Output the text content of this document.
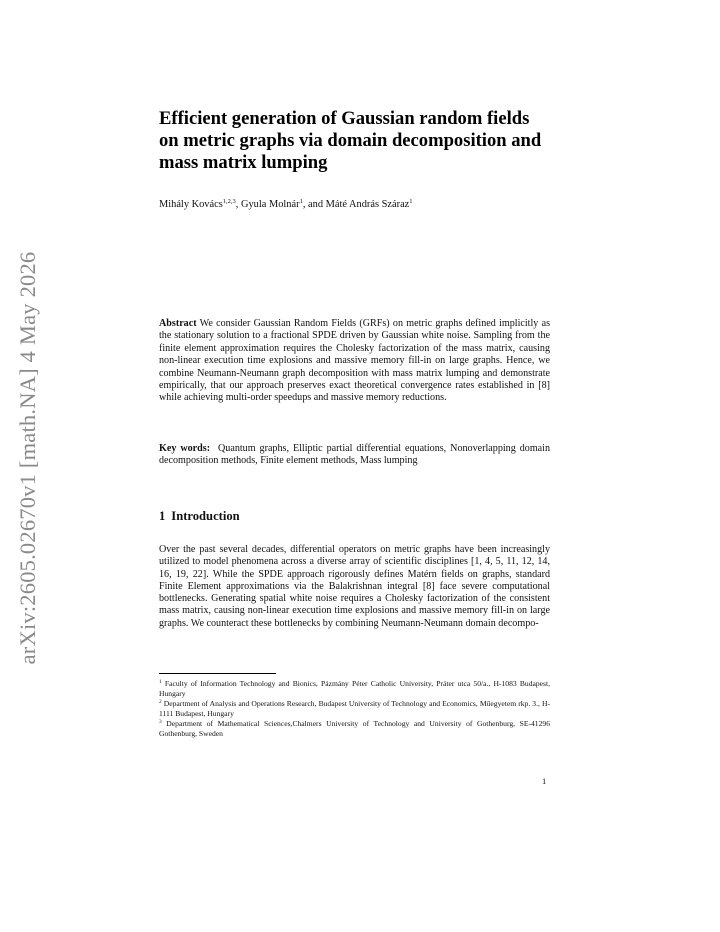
arXiv:2605.02670v1 [math.NA] 4 May 2026
Efficient generation of Gaussian random fields on metric graphs via domain decomposition and mass matrix lumping
Mihály Kovács$^{1,2,3}$, Gyula Molnár$^1$, and Máté András Száraz$^1$

Abstract We consider Gaussian Random Fields (GRFs) on metric graphs defined implicitly as the stationary solution to a fractional SPDE driven by Gaussian white noise. Sampling from the finite element approximation requires the Cholesky factorization of the mass matrix, causing non-linear execution time explosions and massive memory fill-in on large graphs. Hence, we combine Neumann-Neumann graph decomposition with mass matrix lumping and demonstrate empirically, that our approach preserves exact theoretical convergence rates established in [8] while achieving multi-order speedups and massive memory reductions.

Key words: Quantum graphs, Elliptic partial differential equations, Nonoverlapping domain decomposition methods, Finite element methods, Mass lumping

1 Introduction

Over the past several decades, differential operators on metric graphs have been increasingly utilized to model phenomena across a diverse array of scientific disciplines [1, 4, 5, 11, 12, 14, 16, 19, 22]. While the SPDE approach rigorously defines Matérn fields on graphs, standard Finite Element approximations via the Balakrishnan integral [8] face severe computational bottlenecks. Generating spatial white noise requires a Cholesky factorization of the consistent mass matrix, causing non-linear execution time explosions and massive memory fill-in on large graphs. We counteract these bottlenecks by combining Neumann-Neumann domain decompo-

$^1$ Faculty of Information Technology and Bionics, Pázmány Péter Catholic University, Práter utca 50/a., H-1083 Budapest, Hungary

$^2$ Department of Analysis and Operations Research, Budapest University of Technology and Economics, Műegyetem rkp. 3., H-1111 Budapest, Hungary

$^3$ Department of Mathematical Sciences,Chalmers University of Technology and University of Gothenburg, SE-41296 Gothenburg, Sweden

1
